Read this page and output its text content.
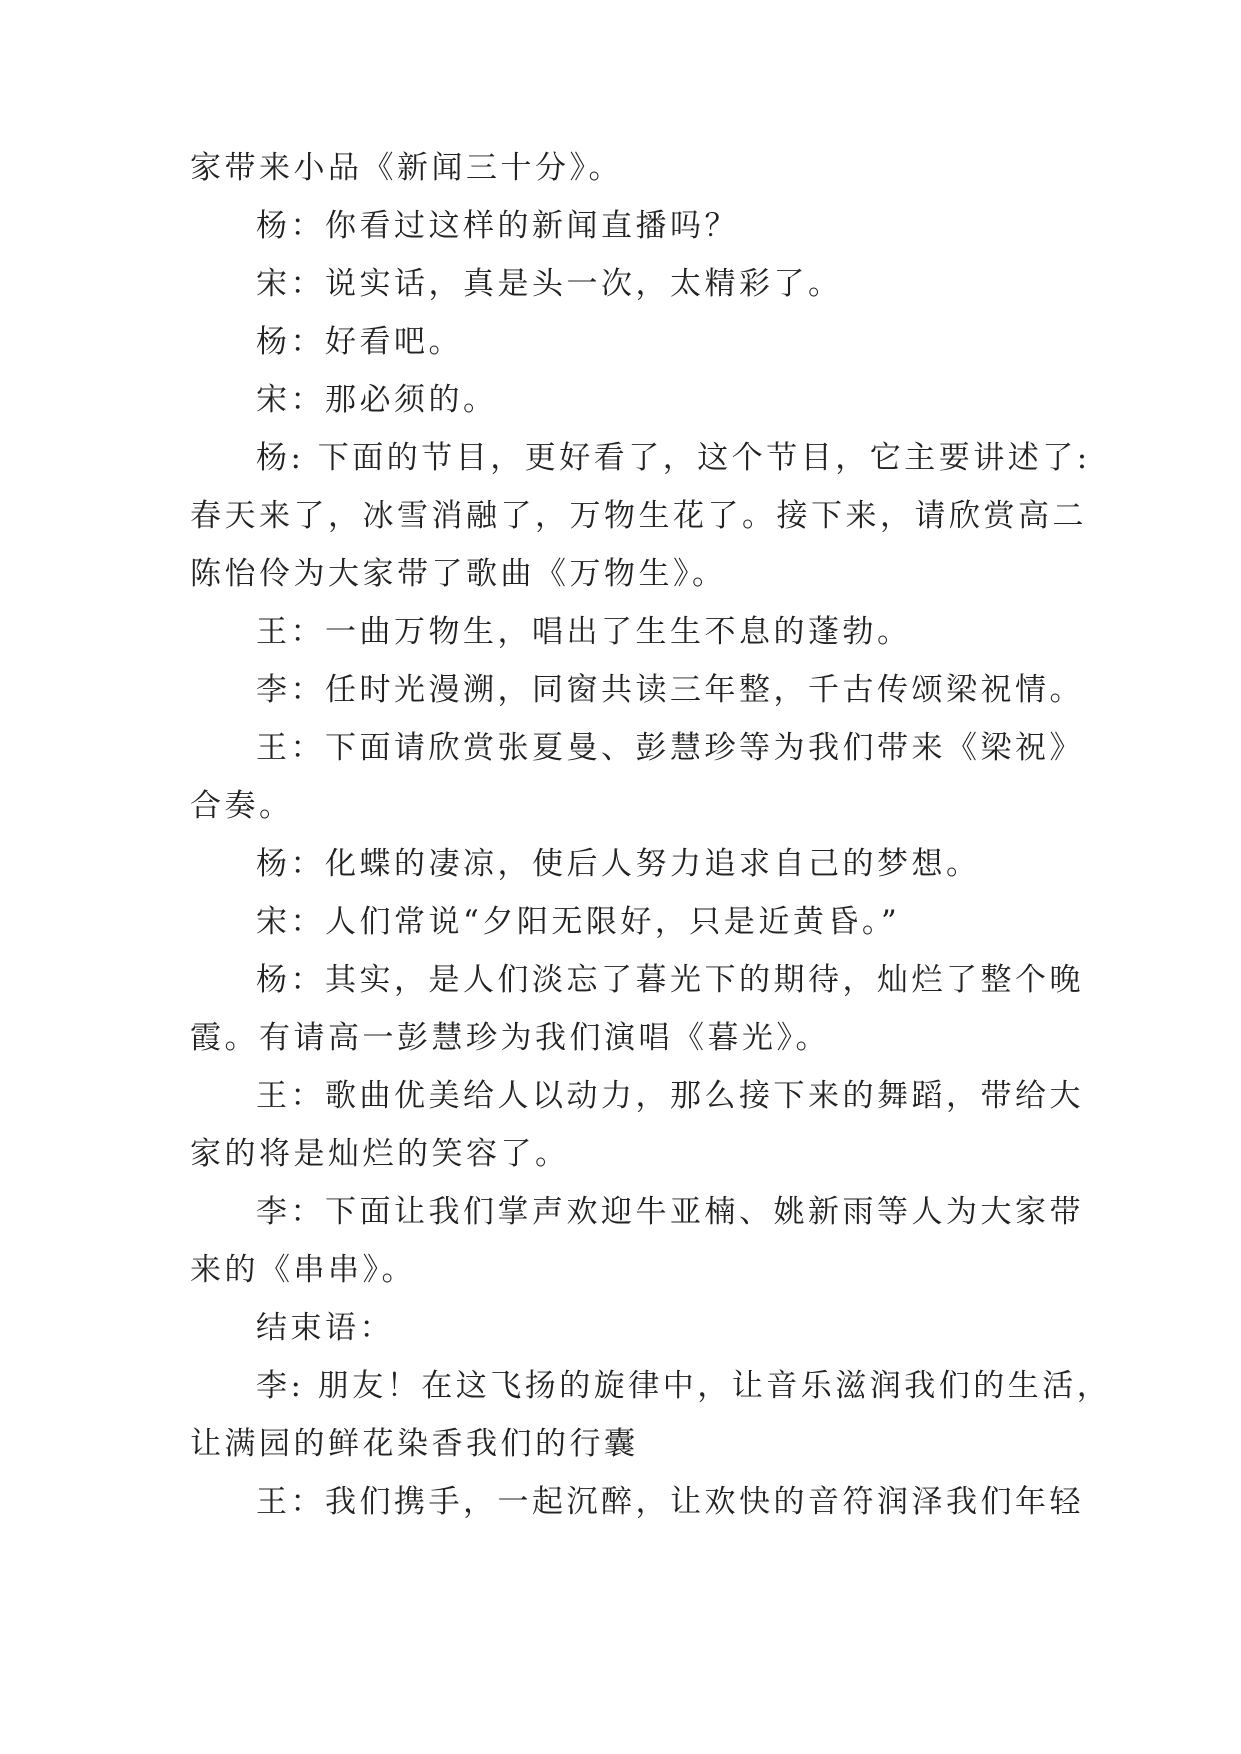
家带来小品《新闻三十分》。
杨：你看过这样的新闻直播吗？
宋：说实话，真是头一次，太精彩了。
杨：好看吧。
宋：那必须的。
杨: 下面的节目，更好看了，这个节目，它主要讲述了:
春天来了，冰雪消融了，万物生花了。接下来，请欣赏高二
陈怡伶为大家带了歌曲《万物生》。
王：一曲万物生，唱出了生生不息的蓬勃。
李：任时光漫溯，同窗共读三年整，千古传颂梁祝情。
王：下面请欣赏张夏曼、彭慧珍等为我们带来《梁祝》
合奏。
杨：化蝶的凄凉，使后人努力追求自己的梦想。
宋：人们常说“夕阳无限好，只是近黄昏。”
杨：其实，是人们淡忘了暮光下的期待，灿烂了整个晚
霞。有请高一彭慧珍为我们演唱《暮光》。
王：歌曲优美给人以动力，那么接下来的舞蹈，带给大
家的将是灿烂的笑容了。
李：下面让我们掌声欢迎牛亚楠、姚新雨等人为大家带
来的《串串》。
结束语：
李: 朋友！在这飞扬的旋律中，让音乐滋润我们的生活，
让满园的鲜花染香我们的行囊
王：我们携手，一起沉醉，让欢快的音符润泽我们年轻
